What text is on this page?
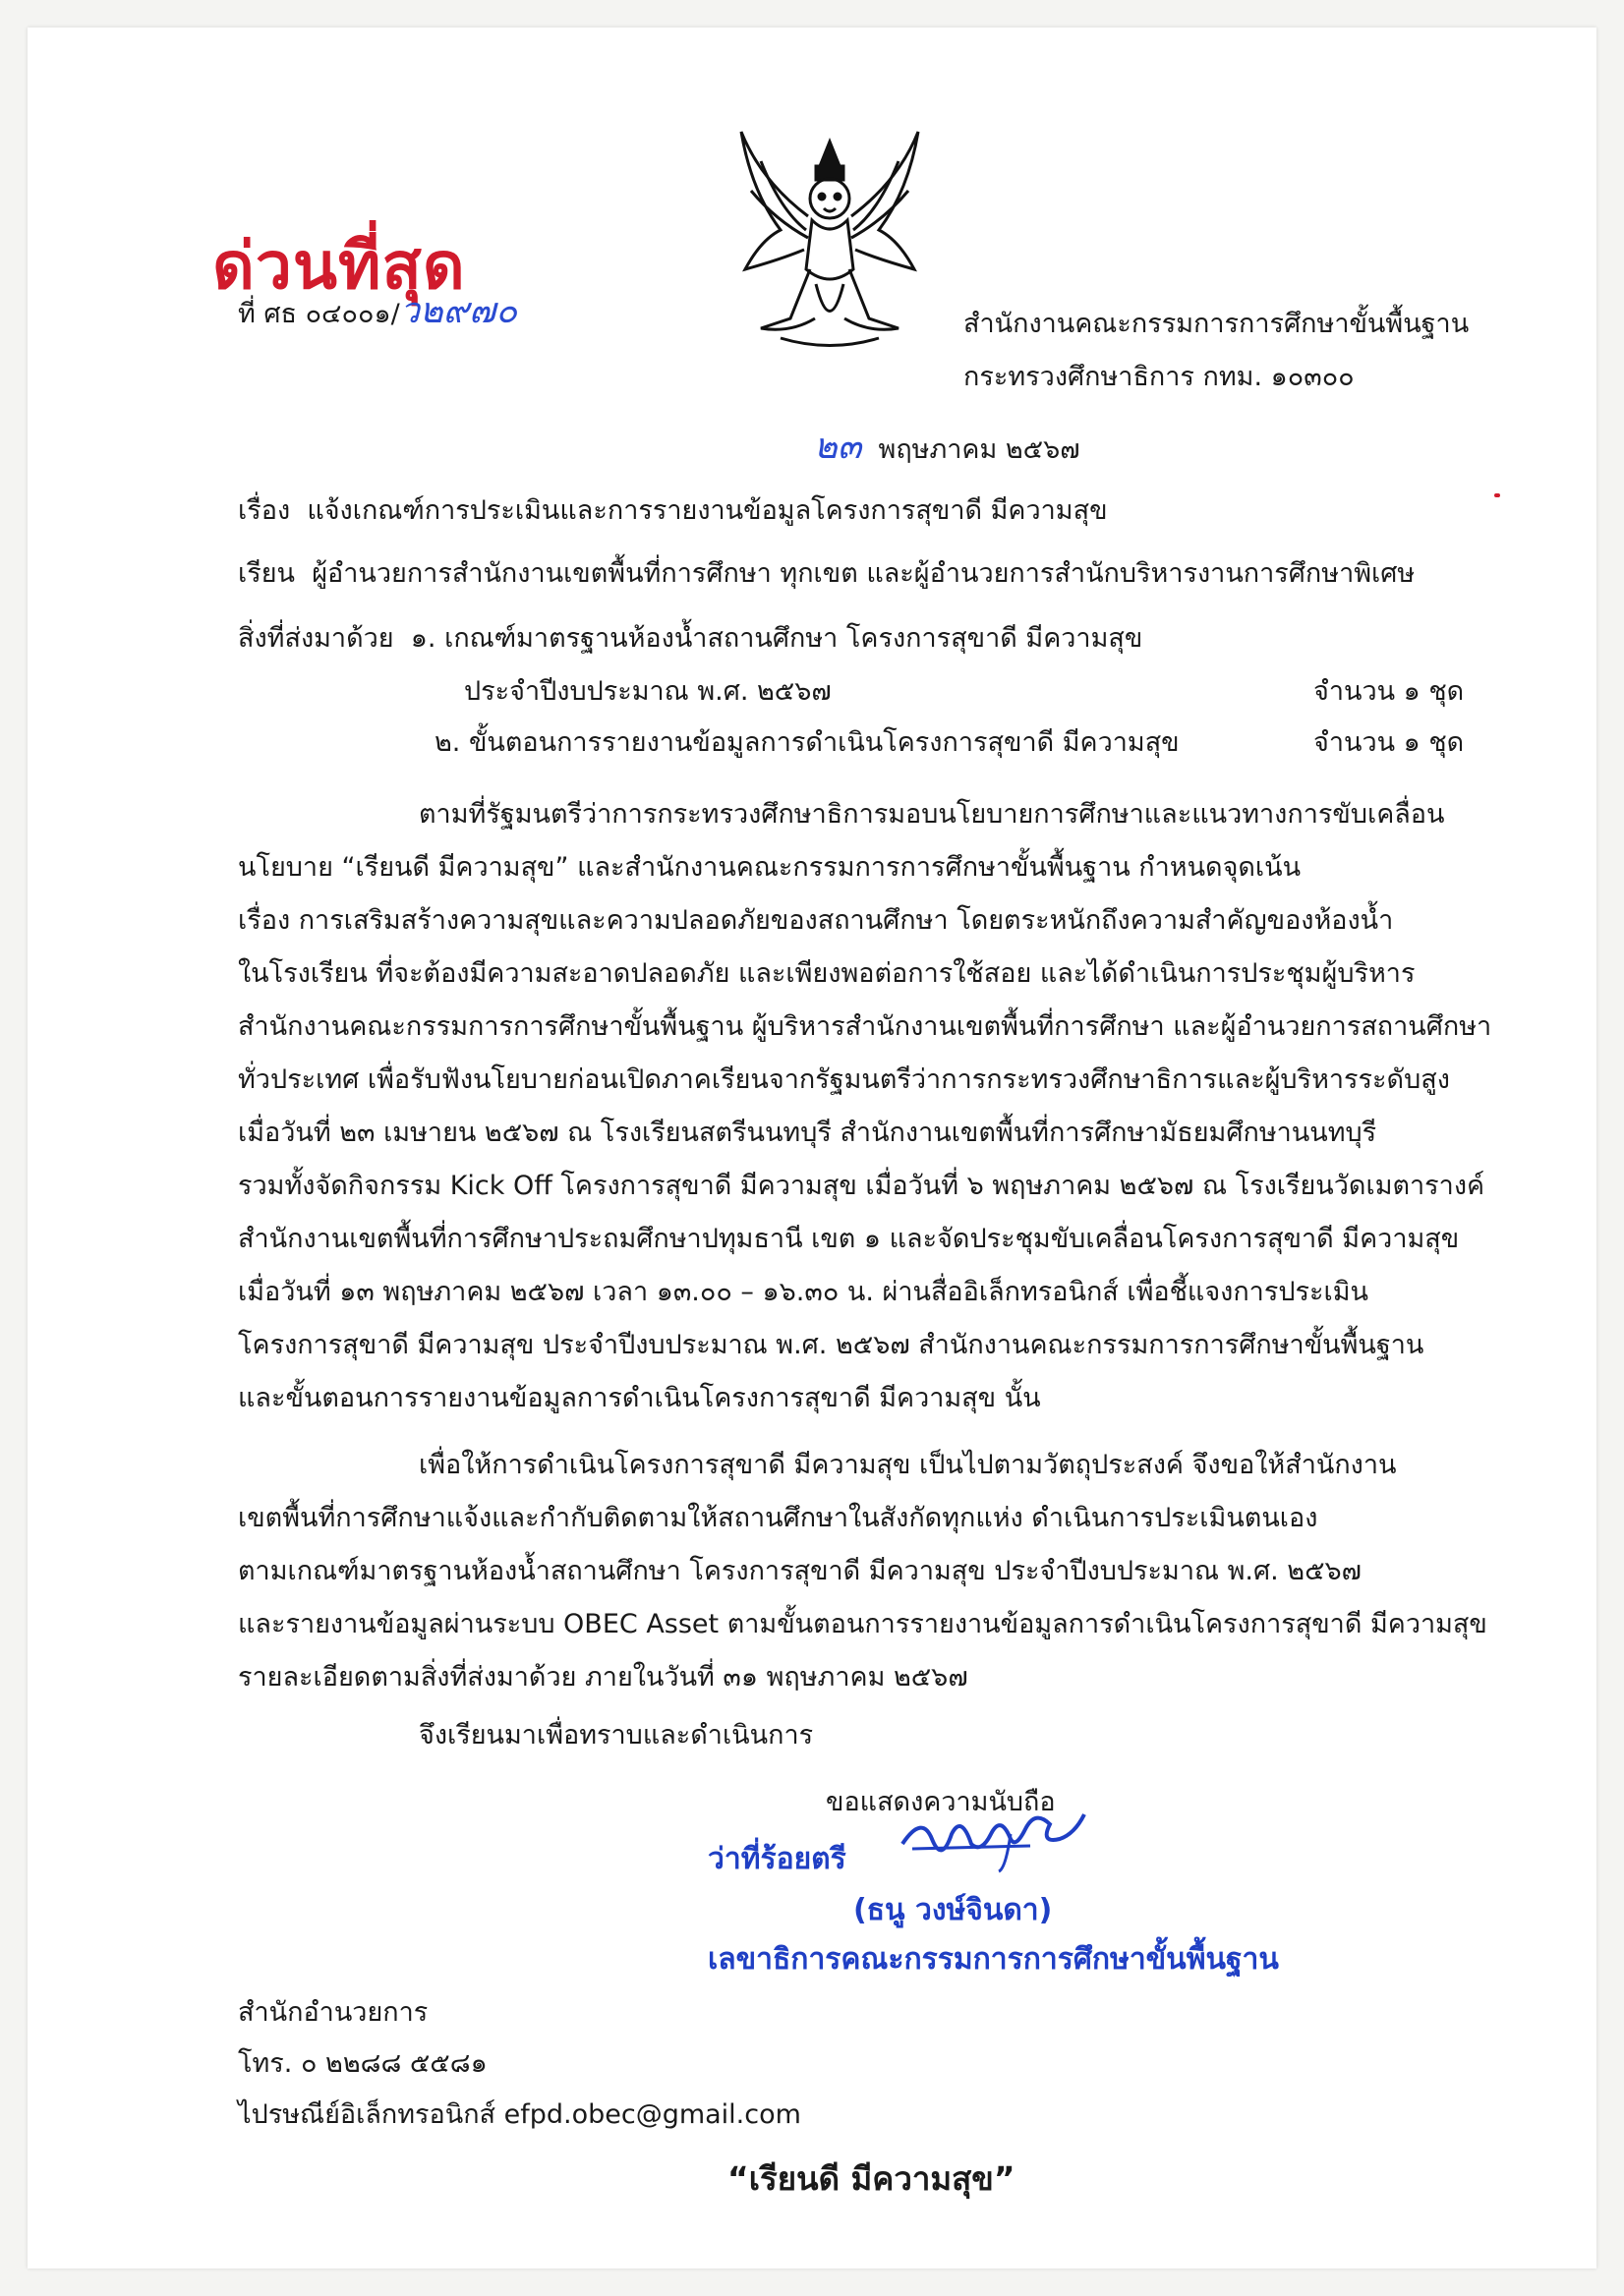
ด่วนที่สุด
ที่ ศธ ๐๔๐๐๑/ว๒๙๗๐	สำนักงานคณะกรรมการการศึกษาขั้นพื้นฐาน
กระทรวงศึกษาธิการ กทม. ๑๐๓๐๐
๒๓ พฤษภาคม ๒๕๖๗
เรื่อง แจ้งเกณฑ์การประเมินและการรายงานข้อมูลโครงการสุขาดี มีความสุข
เรียน ผู้อำนวยการสำนักงานเขตพื้นที่การศึกษา ทุกเขต และผู้อำนวยการสำนักบริหารงานการศึกษาพิเศษ
สิ่งที่ส่งมาด้วย ๑. เกณฑ์มาตรฐานห้องน้ำสถานศึกษา โครงการสุขาดี มีความสุข
ประจำปีงบประมาณ พ.ศ. ๒๕๖๗	จำนวน ๑ ชุด
๒. ขั้นตอนการรายงานข้อมูลการดำเนินโครงการสุขาดี มีความสุข	จำนวน ๑ ชุด
ตามที่รัฐมนตรีว่าการกระทรวงศึกษาธิการมอบนโยบายการศึกษาและแนวทางการขับเคลื่อน
นโยบาย “เรียนดี มีความสุข” และสำนักงานคณะกรรมการการศึกษาขั้นพื้นฐาน กำหนดจุดเน้น
เรื่อง การเสริมสร้างความสุขและความปลอดภัยของสถานศึกษา โดยตระหนักถึงความสำคัญของห้องน้ำ
ในโรงเรียน ที่จะต้องมีความสะอาดปลอดภัย และเพียงพอต่อการใช้สอย และได้ดำเนินการประชุมผู้บริหาร
สำนักงานคณะกรรมการการศึกษาขั้นพื้นฐาน ผู้บริหารสำนักงานเขตพื้นที่การศึกษา และผู้อำนวยการสถานศึกษา
ทั่วประเทศ เพื่อรับฟังนโยบายก่อนเปิดภาคเรียนจากรัฐมนตรีว่าการกระทรวงศึกษาธิการและผู้บริหารระดับสูง
เมื่อวันที่ ๒๓ เมษายน ๒๕๖๗ ณ โรงเรียนสตรีนนทบุรี สำนักงานเขตพื้นที่การศึกษามัธยมศึกษานนทบุรี
รวมทั้งจัดกิจกรรม Kick Off โครงการสุขาดี มีความสุข เมื่อวันที่ ๖ พฤษภาคม ๒๕๖๗ ณ โรงเรียนวัดเมตารางค์
สำนักงานเขตพื้นที่การศึกษาประถมศึกษาปทุมธานี เขต ๑ และจัดประชุมขับเคลื่อนโครงการสุขาดี มีความสุข
เมื่อวันที่ ๑๓ พฤษภาคม ๒๕๖๗ เวลา ๑๓.๐๐ – ๑๖.๓๐ น. ผ่านสื่ออิเล็กทรอนิกส์ เพื่อชี้แจงการประเมิน
โครงการสุขาดี มีความสุข ประจำปีงบประมาณ พ.ศ. ๒๕๖๗ สำนักงานคณะกรรมการการศึกษาขั้นพื้นฐาน
และขั้นตอนการรายงานข้อมูลการดำเนินโครงการสุขาดี มีความสุข นั้น
เพื่อให้การดำเนินโครงการสุขาดี มีความสุข เป็นไปตามวัตถุประสงค์ จึงขอให้สำนักงาน
เขตพื้นที่การศึกษาแจ้งและกำกับติดตามให้สถานศึกษาในสังกัดทุกแห่ง ดำเนินการประเมินตนเอง
ตามเกณฑ์มาตรฐานห้องน้ำสถานศึกษา โครงการสุขาดี มีความสุข ประจำปีงบประมาณ พ.ศ. ๒๕๖๗
และรายงานข้อมูลผ่านระบบ OBEC Asset ตามขั้นตอนการรายงานข้อมูลการดำเนินโครงการสุขาดี มีความสุข
รายละเอียดตามสิ่งที่ส่งมาด้วย ภายในวันที่ ๓๑ พฤษภาคม ๒๕๖๗
จึงเรียนมาเพื่อทราบและดำเนินการ
ขอแสดงความนับถือ
ว่าที่ร้อยตรี
(ธนู วงษ์จินดา)
เลขาธิการคณะกรรมการการศึกษาขั้นพื้นฐาน
สำนักอำนวยการ
โทร. ๐ ๒๒๘๘ ๕๕๘๑
ไปรษณีย์อิเล็กทรอนิกส์ efpd.obec@gmail.com
“เรียนดี มีความสุข”
